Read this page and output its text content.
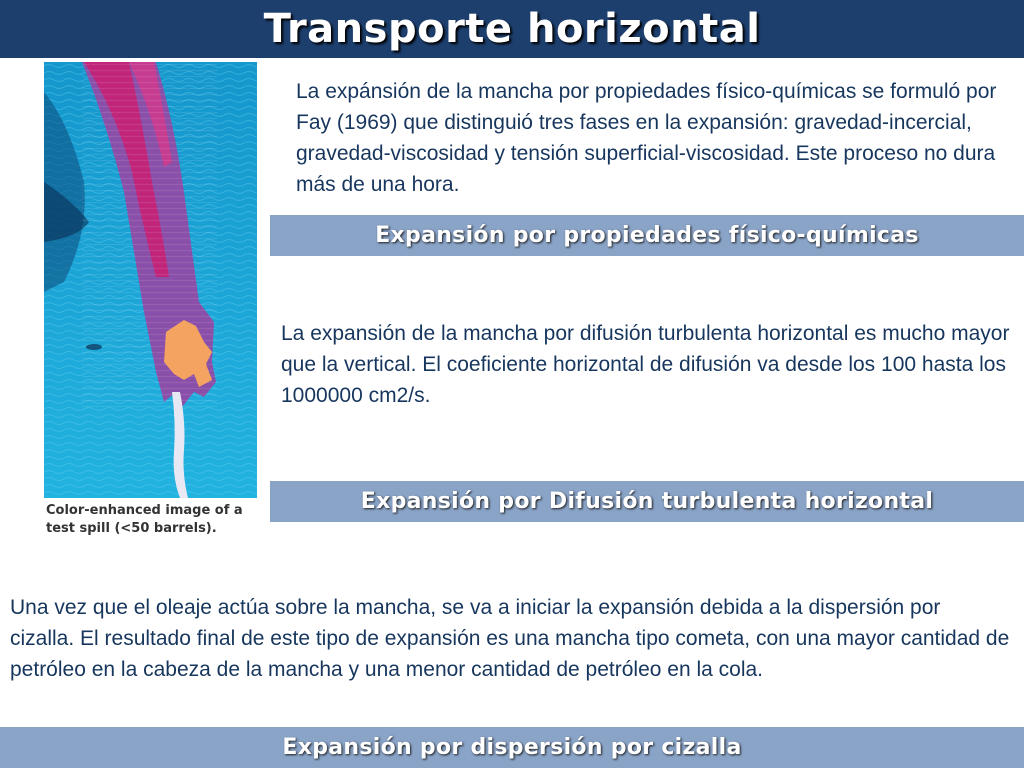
Transporte horizontal
Color-enhanced image of a test spill (<50 barrels).

La expánsión de la mancha por propiedades físico-químicas se formuló por Fay (1969) que distinguió tres fases en la expansión: gravedad-incercial, gravedad-viscosidad y tensión superficial-viscosidad. Este proceso no dura más de una hora.

Expansión por propiedades físico-químicas

La expansión de la mancha por difusión turbulenta horizontal es mucho mayor que la vertical. El coeficiente horizontal de difusión va desde los 100 hasta los 1000000 cm2/s.

Expansión por Difusión turbulenta horizontal

Una vez que el oleaje actúa sobre la mancha, se va a iniciar la expansión debida a la dispersión por cizalla. El resultado final de este tipo de expansión es una mancha tipo cometa, con una mayor cantidad de petróleo en la cabeza de la mancha y una menor cantidad de petróleo en la cola.

Expansión por dispersión por cizalla
